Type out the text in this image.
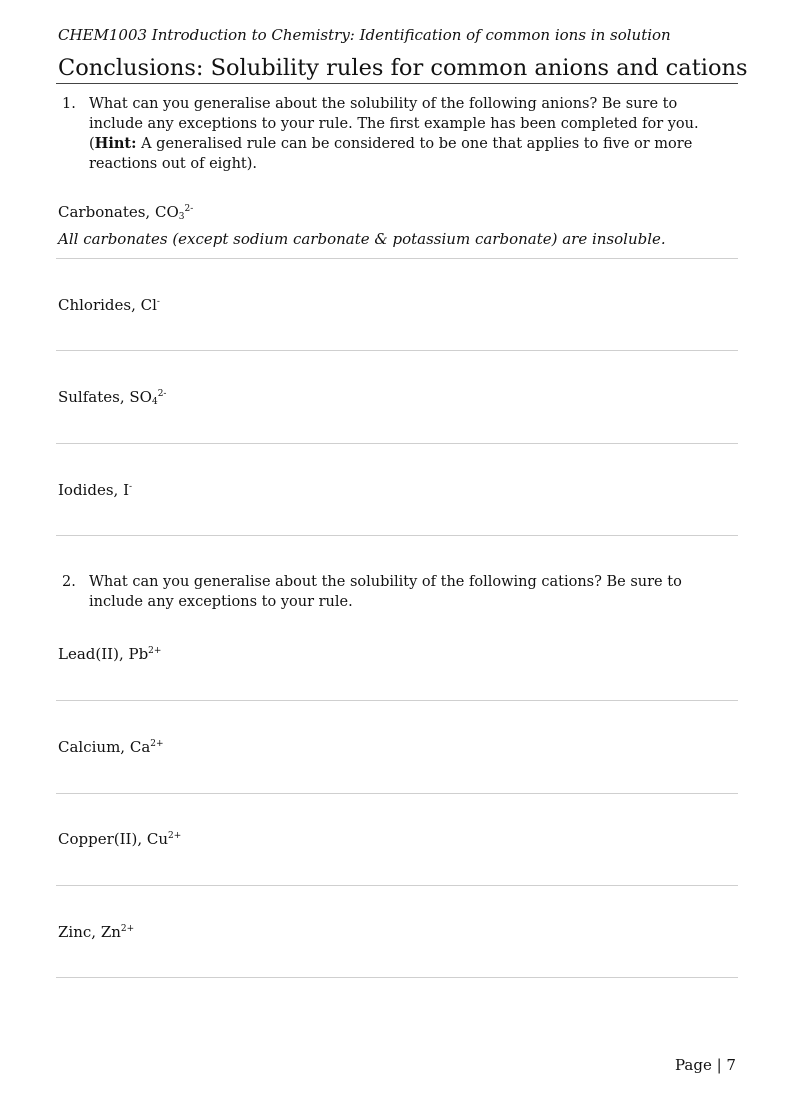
CHEM1003 Introduction to Chemistry: Identification of common ions in solution
Conclusions: Solubility rules for common anions and cations
1. What can you generalise about the solubility of the following anions? Be sure to include any exceptions to your rule. The first example has been completed for you. (Hint: A generalised rule can be considered to be one that applies to five or more reactions out of eight).
Carbonates, $CO_3^{2-}$
All carbonates (except sodium carbonate & potassium carbonate) are insoluble.
Chlorides, Cl-
Sulfates, $SO_4^{2-}$
Iodides, I-
2. What can you generalise about the solubility of the following cations? Be sure to include any exceptions to your rule.
Lead(II), $Pb^{2+}$
Calcium, $Ca^{2+}$
Copper(II), $Cu^{2+}$
Zinc, $Zn^{2+}$
Page | 7
